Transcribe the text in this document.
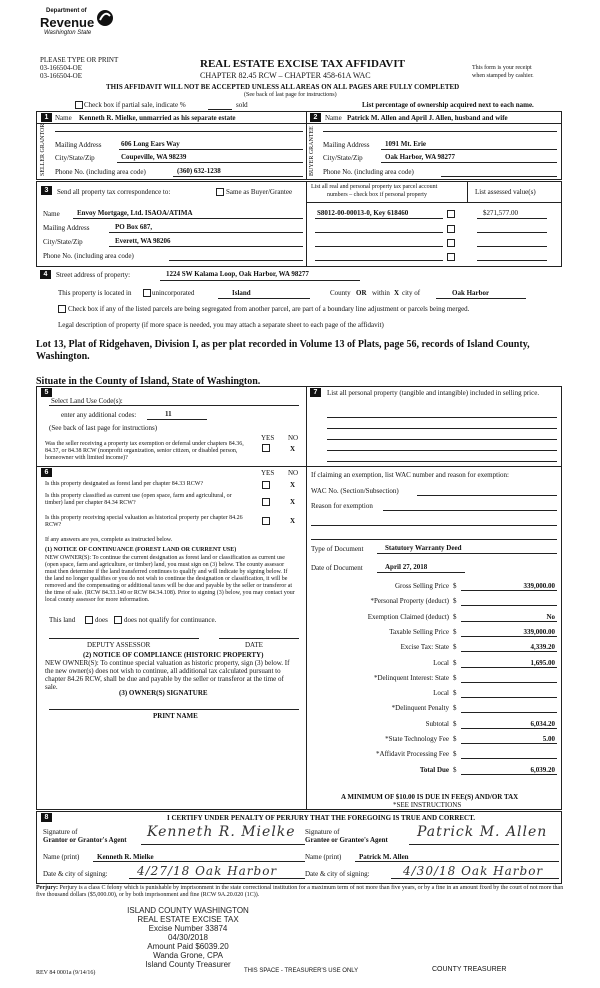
Department of
Revenue
Washington State
PLEASE TYPE OR PRINT
03-166504-OE
03-166504-OE
REAL ESTATE EXCISE TAX AFFIDAVIT
CHAPTER 82.45 RCW – CHAPTER 458-61A WAC
This form is your receipt
when stamped by cashier.
THIS AFFIDAVIT WILL NOT BE ACCEPTED UNLESS ALL AREAS ON ALL PAGES ARE FULLY COMPLETED
(See back of last page for instructions)
Check box if partial sale, indicate %	sold	List percentage of ownership acquired next to each name.
1 Name Kenneth R. Mielke, unmarried as his separate estate
SELLER GRANTOR Mailing Address	606 Long Ears Way
City/State/Zip	Coupeville, WA 98239
Phone No. (including area code)	(360) 632-1238
2	Name Patrick M. Allen and April J. Allen, husband and wife
BUYER GRANTEE Mailing Address 1091 Mt. Erie
City/State/Zip	Oak Harbor, WA 98277
Phone No. (including area code)
3	Send all property tax correspondence to:	Same as Buyer/Grantee
Name Envoy Mortgage, Ltd. ISAOA/ATIMA
Mailing Address	PO Box 687,
City/State/Zip	Everett, WA 98206
Phone No. (including area code)
List all real and personal property tax parcel account
numbers – check box if personal property	List assessed value(s)
S8012-00-00013-0, Key 618460	$271,577.00
4	Street address of property:	1224 SW Kalama Loop, Oak Harbor, WA 98277
This property is located in	unincorporated	Island	County OR within X city of	Oak Harbor
Check box if any of the listed parcels are being segregated from another parcel, are part of a boundary line adjustment or parcels being merged.
Legal description of property (if more space is needed, you may attach a separate sheet to each page of the affidavit)
Lot 13, Plat of Ridgehaven, Division I, as per plat recorded in Volume 13 of Plats, page 56, records of Island County, Washington.
Situate in the County of Island, State of Washington.
5
Select Land Use Code(s):
enter any additional codes:	11
(See back of last page for instructions)
YES NO
Was the seller receiving a property tax exemption or deferral under chapters 84.36, 84.37, or 84.38 RCW (nonprofit organization, senior citizen, or disabled person, homeowner with limited income)?
X
6	YES NO
Is this property designated as forest land per chapter 84.33 RCW?	X
Is this property classified as current use (open space, farm and agricultural, or timber) land per chapter 84.34 RCW?	X
Is this property receiving special valuation as historical property per chapter 84.26 RCW?	X
If any answers are yes, complete as instructed below.
(1) NOTICE OF CONTINUANCE (FOREST LAND OR CURRENT USE)
NEW OWNER(S): To continue the current designation as forest land or classification as current use (open space, farm and agriculture, or timber) land, you must sign on (3) below. The county assessor must then determine if the land transferred continues to qualify and will indicate by signing below. If the land no longer qualifies or you do not wish to continue the designation or classification, it will be removed and the compensating or additional taxes will be due and payable by the seller or transferor at the time of sale. (RCW 84.33.140 or RCW 84.34.108). Prior to signing (3) below, you may contact your local county assessor for more information.
This land	does does not qualify for continuance.
DEPUTY ASSESSOR	DATE
(2) NOTICE OF COMPLIANCE (HISTORIC PROPERTY)
NEW OWNER(S): To continue special valuation as historic property, sign (3) below. If the new owner(s) does not wish to continue, all additional tax calculated pursuant to chapter 84.26 RCW, shall be due and payable by the seller or transferor at the time of sale.
(3) OWNER(S) SIGNATURE
PRINT NAME
7	List all personal property (tangible and intangible) included in selling price.
If claiming an exemption, list WAC number and reason for exemption:
WAC No. (Section/Subsection)
Reason for exemption
Type of Document	Statutory Warranty Deed
Date of Document	April 27, 2018
Gross Selling Price $	339,000.00
*Personal Property (deduct) $
Exemption Claimed (deduct) $	No
Taxable Selling Price $	339,000.00
Excise Tax: State $	4,339.20
Local $	1,695.00
*Delinquent Interest: State $
Local $
*Delinquent Penalty $
Subtotal $	6,034.20
*State Technology Fee $	5.00
*Affidavit Processing Fee $
Total Due $	6,039.20
A MINIMUM OF $10.00 IS DUE IN FEE(S) AND/OR TAX
*SEE INSTRUCTIONS
8	I CERTIFY UNDER PENALTY OF PERJURY THAT THE FOREGOING IS TRUE AND CORRECT.
Signature of
Grantor or Grantor's Agent Kenneth R. Mielke Signature of
Grantee or Grantee's Agent Patrick M. Allen
Name (print)	Kenneth R. Mielke	Name (print)	Patrick M. Allen
Date & city of signing: 4/27/18 Oak Harbor	Date & city of signing:	4/30/18 Oak Harbor
Perjury: Perjury is a class C felony which is punishable by imprisonment in the state correctional institution for a maximum term of not more than five years, or by a fine in an amount fixed by the court of not more than five thousand dollars ($5,000.00), or by both imprisonment and fine (RCW 9A.20.020 (1C)).
ISLAND COUNTY WASHINGTON
REAL ESTATE EXCISE TAX
Excise Number 33874
04/30/2018
Amount Paid $6039.20
Wanda Grone, CPA
Island County Treasurer
REV 84 0001a (9/14/16)	THIS SPACE - TREASURER'S USE ONLY	COUNTY TREASURER
